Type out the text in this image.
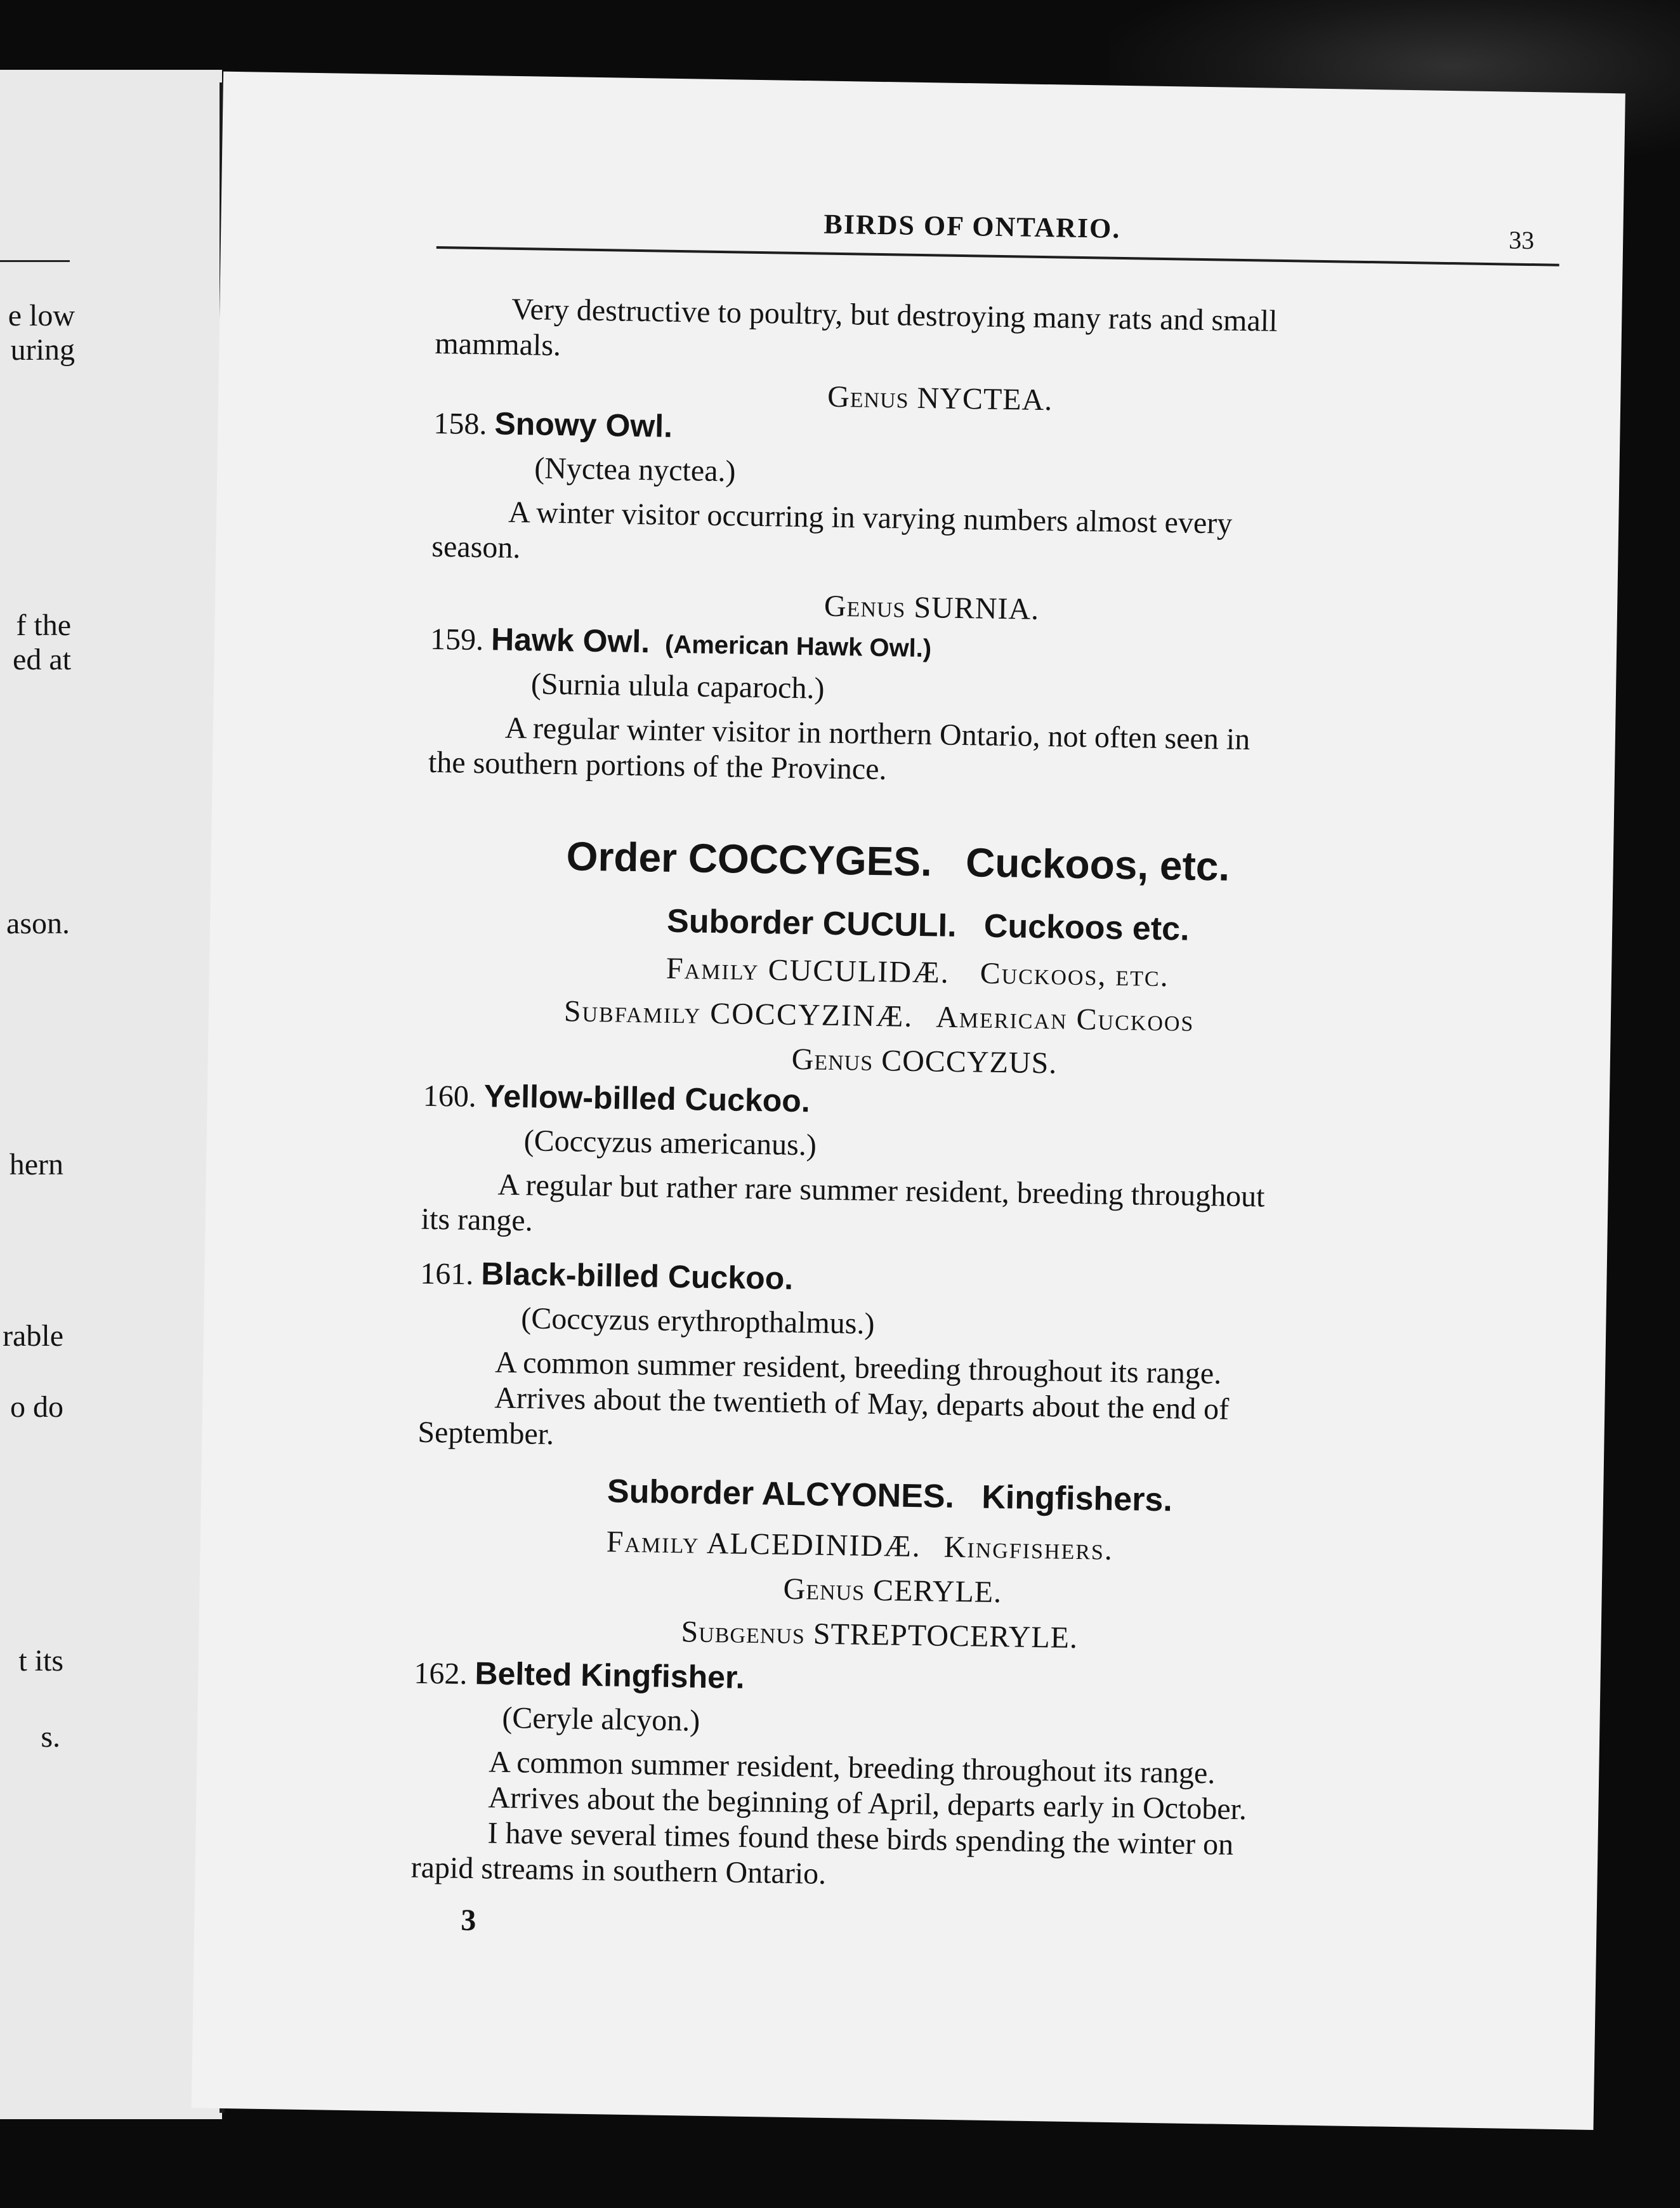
e low
uring
f the
ed at
ason.
hern
rable
o do
t its
s.
BIRDS OF ONTARIO.	33
Very destructive to poultry, but destroying many rats and small
mammals.
Genus NYCTEA.
158. Snowy Owl.
(Nyctea nyctea.)
A winter visitor occurring in varying numbers almost every
season.
Genus SURNIA.
159. Hawk Owl. (American Hawk Owl.)
(Surnia ulula caparoch.)
A regular winter visitor in northern Ontario, not often seen in
the southern portions of the Province.
Order COCCYGES. Cuckoos, etc.
Suborder CUCULI. Cuckoos etc.
Family CUCULIDÆ. Cuckoos, etc.
Subfamily COCCYZINÆ. American Cuckoos
Genus COCCYZUS.
160. Yellow-billed Cuckoo.
(Coccyzus americanus.)
A regular but rather rare summer resident, breeding throughout
its range.
161. Black-billed Cuckoo.
(Coccyzus erythropthalmus.)
A common summer resident, breeding throughout its range.
Arrives about the twentieth of May, departs about the end of
September.
Suborder ALCYONES. Kingfishers.
Family ALCEDINIDÆ. Kingfishers.
Genus CERYLE.
Subgenus STREPTOCERYLE.
162. Belted Kingfisher.
(Ceryle alcyon.)
A common summer resident, breeding throughout its range.
Arrives about the beginning of April, departs early in October.
I have several times found these birds spending the winter on
rapid streams in southern Ontario.
3
